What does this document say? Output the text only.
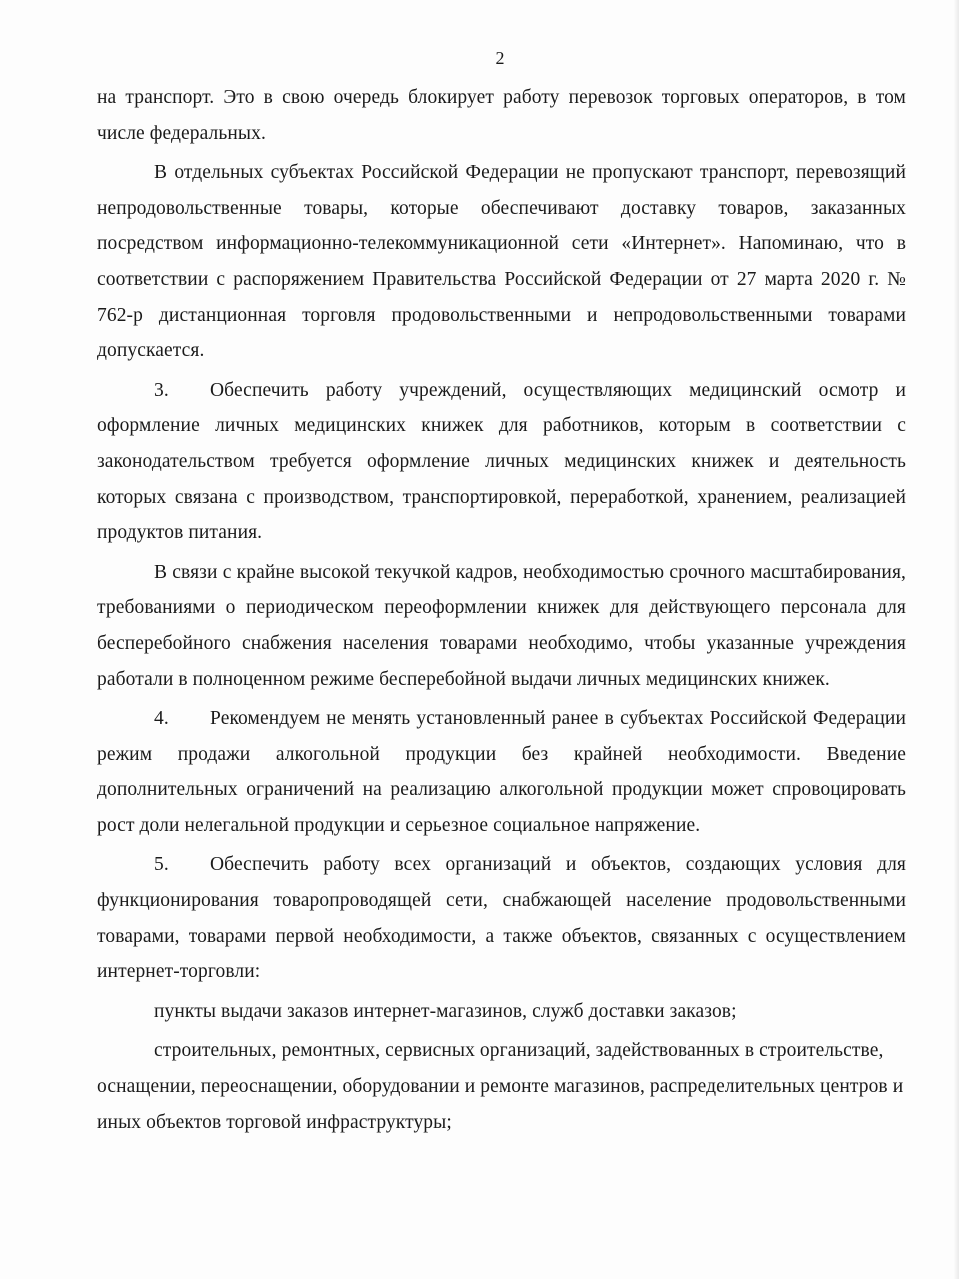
2

на транспорт. Это в свою очередь блокирует работу перевозок торговых операторов, в том числе федеральных.

В отдельных субъектах Российской Федерации не пропускают транспорт, перевозящий непродовольственные товары, которые обеспечивают доставку товаров, заказанных посредством информационно-телекоммуникационной сети «Интернет». Напоминаю, что в соответствии с распоряжением Правительства Российской Федерации от 27 марта 2020 г. № 762-р дистанционная торговля продовольственными и непродовольственными товарами допускается.

3. Обеспечить работу учреждений, осуществляющих медицинский осмотр и оформление личных медицинских книжек для работников, которым в соответствии с законодательством требуется оформление личных медицинских книжек и деятельность которых связана с производством, транспортировкой, переработкой, хранением, реализацией продуктов питания.

В связи с крайне высокой текучкой кадров, необходимостью срочного масштабирования, требованиями о периодическом переоформлении книжек для действующего персонала для бесперебойного снабжения населения товарами необходимо, чтобы указанные учреждения работали в полноценном режиме бесперебойной выдачи личных медицинских книжек.

4. Рекомендуем не менять установленный ранее в субъектах Российской Федерации режим продажи алкогольной продукции без крайней необходимости. Введение дополнительных ограничений на реализацию алкогольной продукции может спровоцировать рост доли нелегальной продукции и серьезное социальное напряжение.

5. Обеспечить работу всех организаций и объектов, создающих условия для функционирования товаропроводящей сети, снабжающей население продовольственными товарами, товарами первой необходимости, а также объектов, связанных с осуществлением интернет-торговли:

пункты выдачи заказов интернет-магазинов, служб доставки заказов;

строительных, ремонтных, сервисных организаций, задействованных в строительстве, оснащении, переоснащении, оборудовании и ремонте магазинов, распределительных центров и иных объектов торговой инфраструктуры;
